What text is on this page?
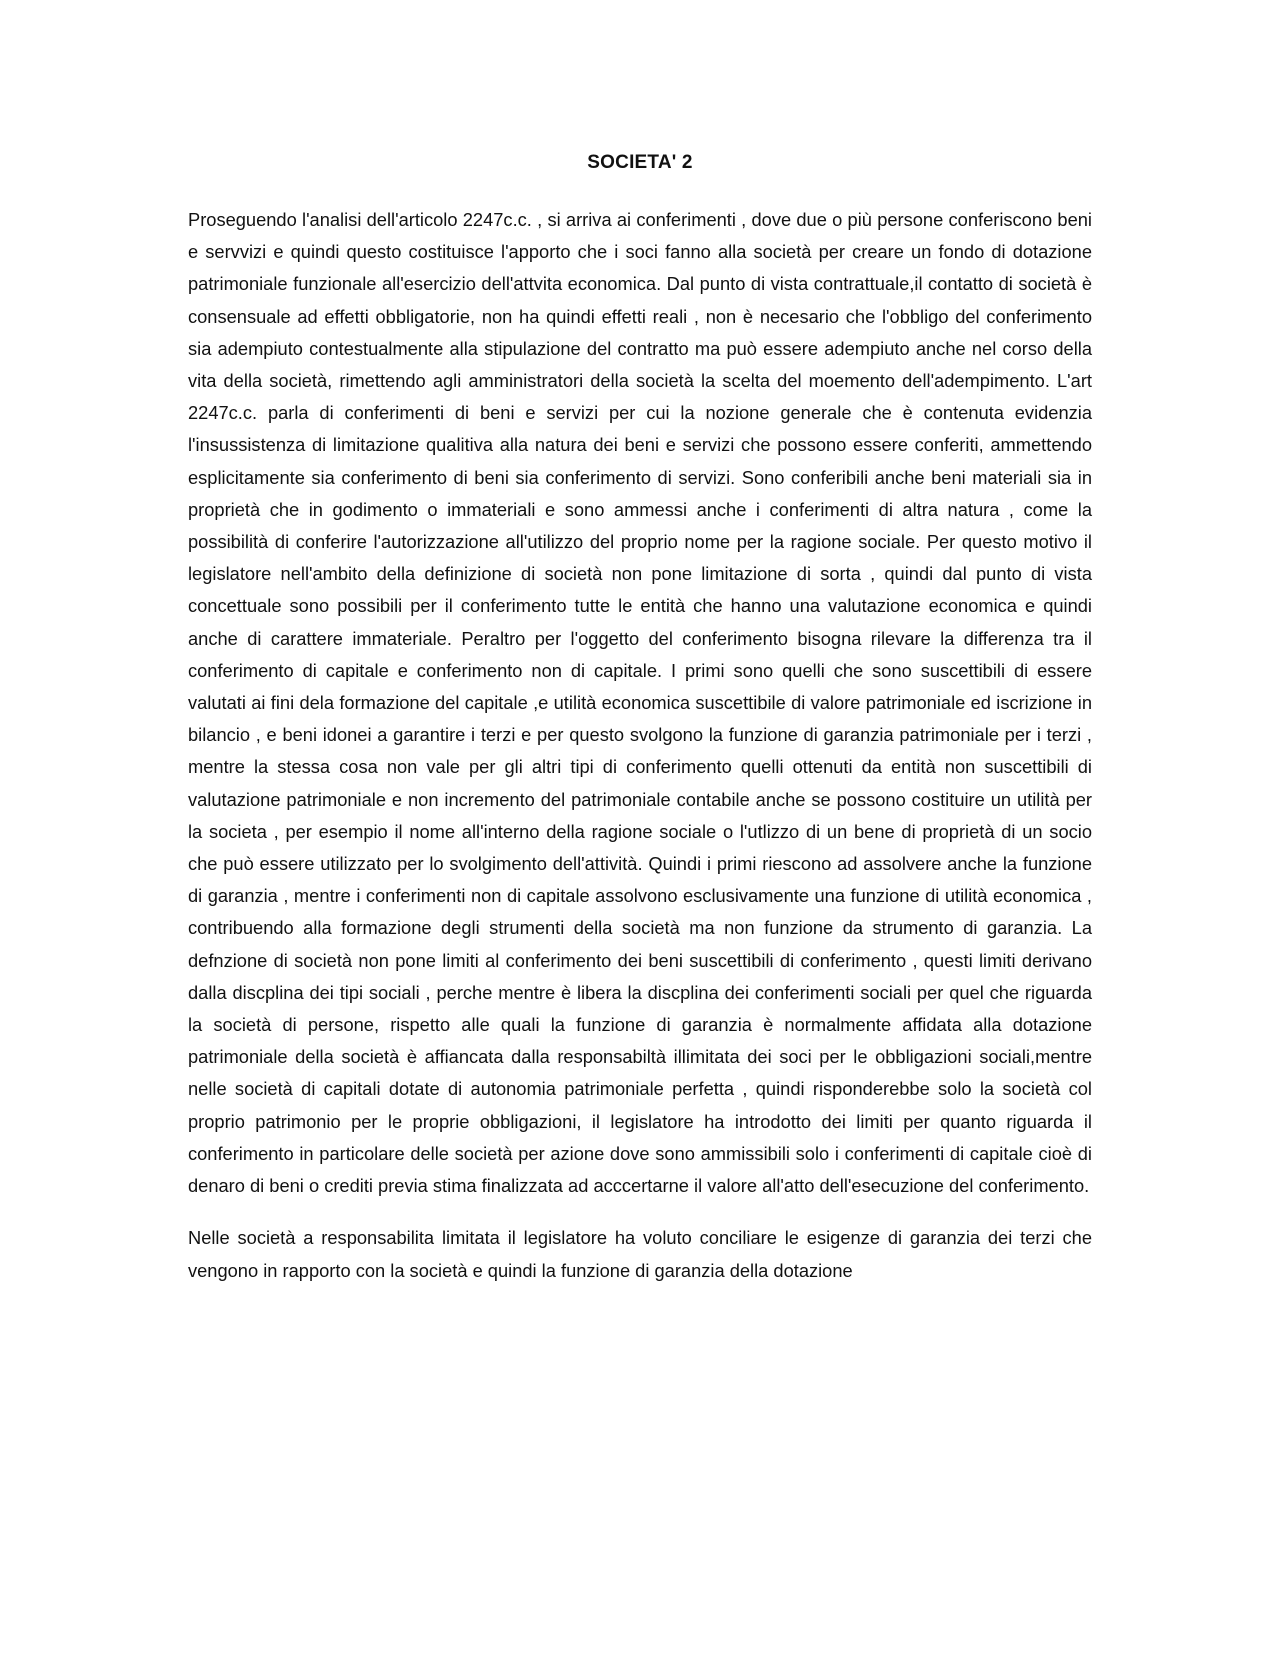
SOCIETA' 2

Proseguendo l'analisi dell'articolo 2247c.c. , si arriva ai conferimenti , dove due o più persone conferiscono beni e servvizi e quindi questo costituisce l'apporto che i soci fanno alla società per creare un fondo di dotazione patrimoniale funzionale all'esercizio dell'attvita economica. Dal punto di vista contrattuale,il contatto di società è consensuale ad effetti obbligatorie, non ha quindi effetti reali , non è necesario che l'obbligo del conferimento sia adempiuto contestualmente alla stipulazione del contratto ma può essere adempiuto anche nel corso della vita della società, rimettendo agli amministratori della società la scelta del moemento dell'adempimento. L'art 2247c.c. parla di conferimenti di beni e servizi per cui la nozione generale che è contenuta evidenzia l'insussistenza di limitazione qualitiva alla natura dei beni e servizi che possono essere conferiti, ammettendo esplicitamente sia conferimento di beni sia conferimento di servizi. Sono conferibili anche beni materiali sia in proprietà che in godimento o immateriali e sono ammessi anche i conferimenti di altra natura , come la possibilità di conferire l'autorizzazione all'utilizzo del proprio nome per la ragione sociale. Per questo motivo il legislatore nell'ambito della definizione di società non pone limitazione di sorta , quindi dal punto di vista concettuale sono possibili per il conferimento tutte le entità che hanno una valutazione economica e quindi anche di carattere immateriale. Peraltro per l'oggetto del conferimento bisogna rilevare la differenza tra il conferimento di capitale e conferimento non di capitale. I primi sono quelli che sono suscettibili di essere valutati ai fini dela formazione del capitale ,e utilità economica suscettibile di valore patrimoniale ed iscrizione in bilancio , e beni idonei a garantire i terzi e per questo svolgono la funzione di garanzia patrimoniale per i terzi , mentre la stessa cosa non vale per gli altri tipi di conferimento quelli ottenuti da entità non suscettibili di valutazione patrimoniale e non incremento del patrimoniale contabile anche se possono costituire un utilità per la societa , per esempio il nome all'interno della ragione sociale o l'utlizzo di un bene di proprietà di un socio che può essere utilizzato per lo svolgimento dell'attività. Quindi i primi riescono ad assolvere anche la funzione di garanzia , mentre i conferimenti non di capitale assolvono esclusivamente una funzione di utilità economica , contribuendo alla formazione degli strumenti della società ma non funzione da strumento di garanzia. La defnzione di società non pone limiti al conferimento dei beni suscettibili di conferimento , questi limiti derivano dalla discplina dei tipi sociali , perche mentre è libera la discplina dei conferimenti sociali per quel che riguarda la società di persone, rispetto alle quali la funzione di garanzia è normalmente affidata alla dotazione patrimoniale della società è affiancata dalla responsabiltà illimitata dei soci per le obbligazioni sociali,mentre nelle società di capitali dotate di autonomia patrimoniale perfetta , quindi risponderebbe solo la società col proprio patrimonio per le proprie obbligazioni, il legislatore ha introdotto dei limiti per quanto riguarda il conferimento in particolare delle società per azione dove sono ammissibili solo i conferimenti di capitale cioè di denaro di beni o crediti previa stima finalizzata ad acccertarne il valore all'atto dell'esecuzione del conferimento.

Nelle società a responsabilita limitata il legislatore ha voluto conciliare le esigenze di garanzia dei terzi che vengono in rapporto con la società e quindi la funzione di garanzia della dotazione
